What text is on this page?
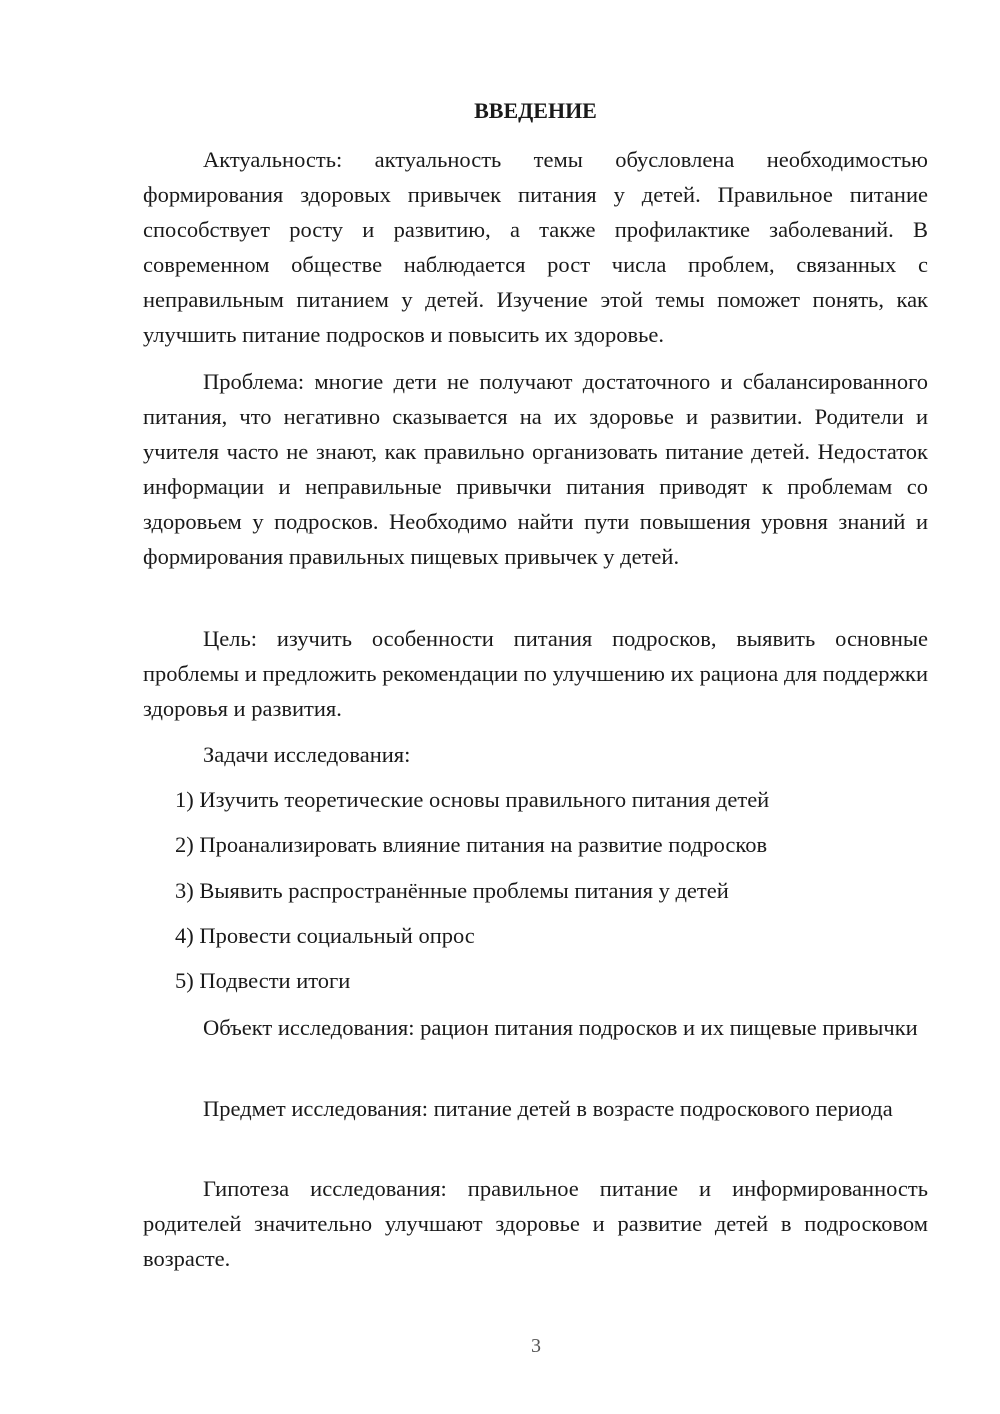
ВВЕДЕНИЕ

Актуальность: актуальность темы обусловлена необходимостью формирования здоровых привычек питания у детей. Правильное питание способствует росту и развитию, а также профилактике заболеваний. В современном обществе наблюдается рост числа проблем, связанных с неправильным питанием у детей. Изучение этой темы поможет понять, как улучшить питание подросков и повысить их здоровье.

Проблема: многие дети не получают достаточного и сбалансированного питания, что негативно сказывается на их здоровье и развитии. Родители и учителя часто не знают, как правильно организовать питание детей. Недостаток информации и неправильные привычки питания приводят к проблемам со здоровьем у подросков. Необходимо найти пути повышения уровня знаний и формирования правильных пищевых привычек у детей.

Цель: изучить особенности питания подросков, выявить основные проблемы и предложить рекомендации по улучшению их рациона для поддержки здоровья и развития.

Задачи исследования:
1) Изучить теоретические основы правильного питания детей
2) Проанализировать влияние питания на развитие подросков
3) Выявить распространённые проблемы питания у детей
4) Провести социальный опрос
5) Подвести итоги

Объект исследования: рацион питания подросков и их пищевые привычки

Предмет исследования: питание детей в возрасте подроскового периода

Гипотеза исследования: правильное питание и информированность родителей значительно улучшают здоровье и развитие детей в подросковом возрасте.

3
